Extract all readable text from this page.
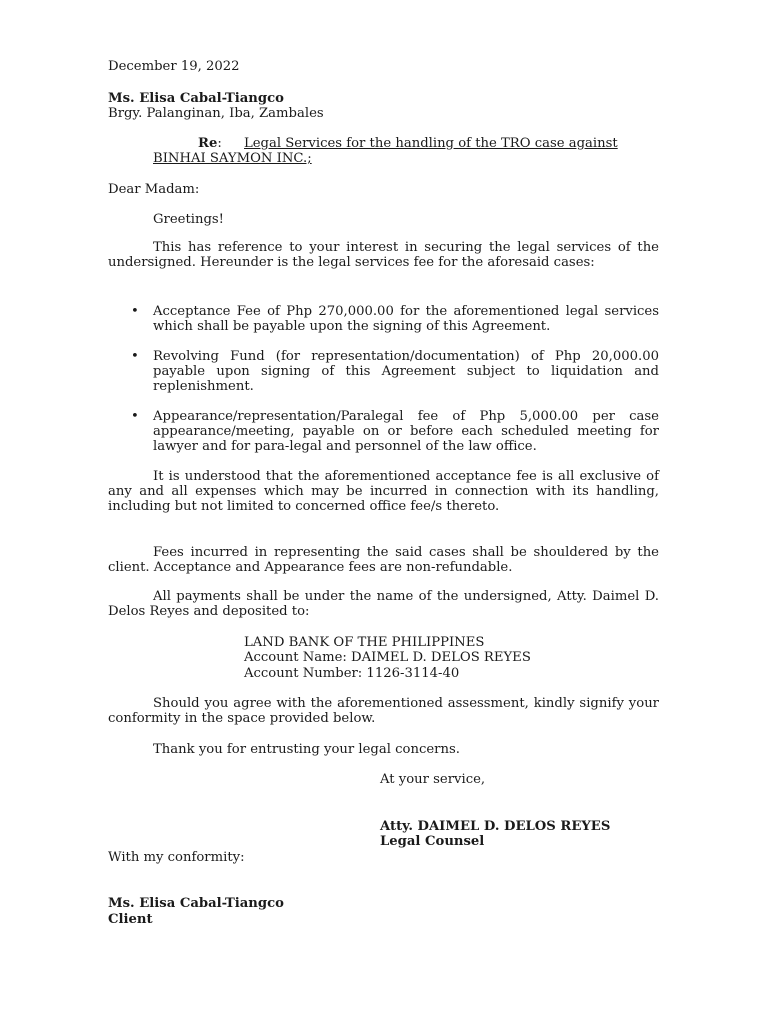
December 19, 2022
Ms. Elisa Cabal-Tiangco
Brgy. Palanginan, Iba, Zambales
Re: Legal Services for the handling of the TRO case against
BINHAI SAYMON INC.;
Dear Madam:
Greetings!
This has reference to your interest in securing the legal services of the undersigned. Hereunder is the legal services fee for the aforesaid cases:
• Acceptance Fee of Php 270,000.00 for the aforementioned legal services which shall be payable upon the signing of this Agreement.
• Revolving Fund (for representation/documentation) of Php 20,000.00 payable upon signing of this Agreement subject to liquidation and replenishment.
• Appearance/representation/Paralegal fee of Php 5,000.00 per case appearance/meeting, payable on or before each scheduled meeting for lawyer and for para-legal and personnel of the law office.
It is understood that the aforementioned acceptance fee is all exclusive of any and all expenses which may be incurred in connection with its handling, including but not limited to concerned office fee/s thereto.
Fees incurred in representing the said cases shall be shouldered by the client. Acceptance and Appearance fees are non-refundable.
All payments shall be under the name of the undersigned, Atty. Daimel D. Delos Reyes and deposited to:
LAND BANK OF THE PHILIPPINES
Account Name: DAIMEL D. DELOS REYES
Account Number: 1126-3114-40
Should you agree with the aforementioned assessment, kindly signify your conformity in the space provided below.
Thank you for entrusting your legal concerns.
At your service,
Atty. DAIMEL D. DELOS REYES
Legal Counsel
With my conformity:
Ms. Elisa Cabal-Tiangco
Client
